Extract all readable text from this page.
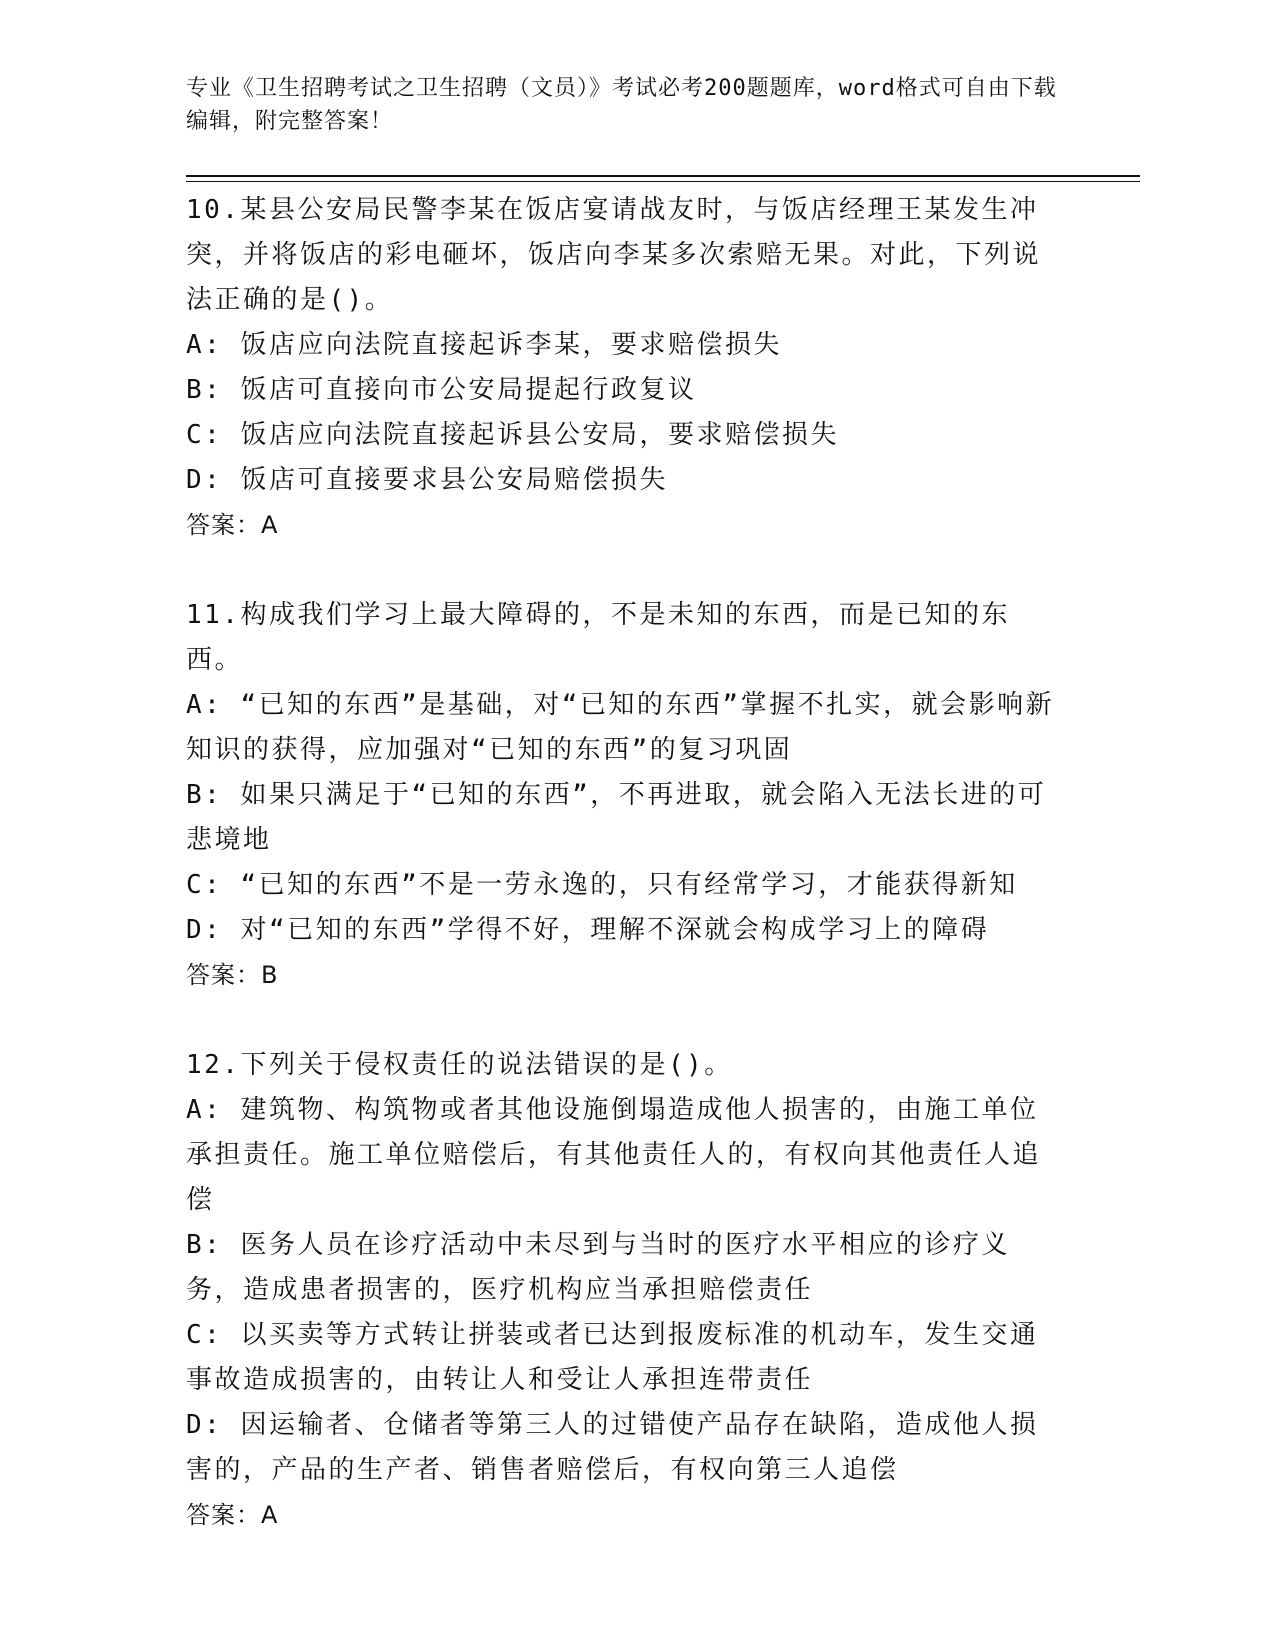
专业《卫生招聘考试之卫生招聘（文员）》考试必考200题题库，word格式可自由下载编辑，附完整答案！

10.某县公安局民警李某在饭店宴请战友时，与饭店经理王某发生冲突，并将饭店的彩电砸坏，饭店向李某多次索赔无果。对此，下列说法正确的是()。

A: 饭店应向法院直接起诉李某，要求赔偿损失

B: 饭店可直接向市公安局提起行政复议

C: 饭店应向法院直接起诉县公安局，要求赔偿损失

D: 饭店可直接要求县公安局赔偿损失

答案：A

11.构成我们学习上最大障碍的，不是未知的东西，而是已知的东西。

A: “已知的东西”是基础，对“已知的东西”掌握不扎实，就会影响新知识的获得，应加强对“已知的东西”的复习巩固

B: 如果只满足于“已知的东西”，不再进取，就会陷入无法长进的可悲境地

C: “已知的东西”不是一劳永逸的，只有经常学习，才能获得新知

D: 对“已知的东西”学得不好，理解不深就会构成学习上的障碍

答案：B

12.下列关于侵权责任的说法错误的是()。

A: 建筑物、构筑物或者其他设施倒塌造成他人损害的，由施工单位承担责任。施工单位赔偿后，有其他责任人的，有权向其他责任人追偿

B: 医务人员在诊疗活动中未尽到与当时的医疗水平相应的诊疗义务，造成患者损害的，医疗机构应当承担赔偿责任

C: 以买卖等方式转让拼装或者已达到报废标准的机动车，发生交通事故造成损害的，由转让人和受让人承担连带责任

D: 因运输者、仓储者等第三人的过错使产品存在缺陷，造成他人损害的，产品的生产者、销售者赔偿后，有权向第三人追偿

答案：A
